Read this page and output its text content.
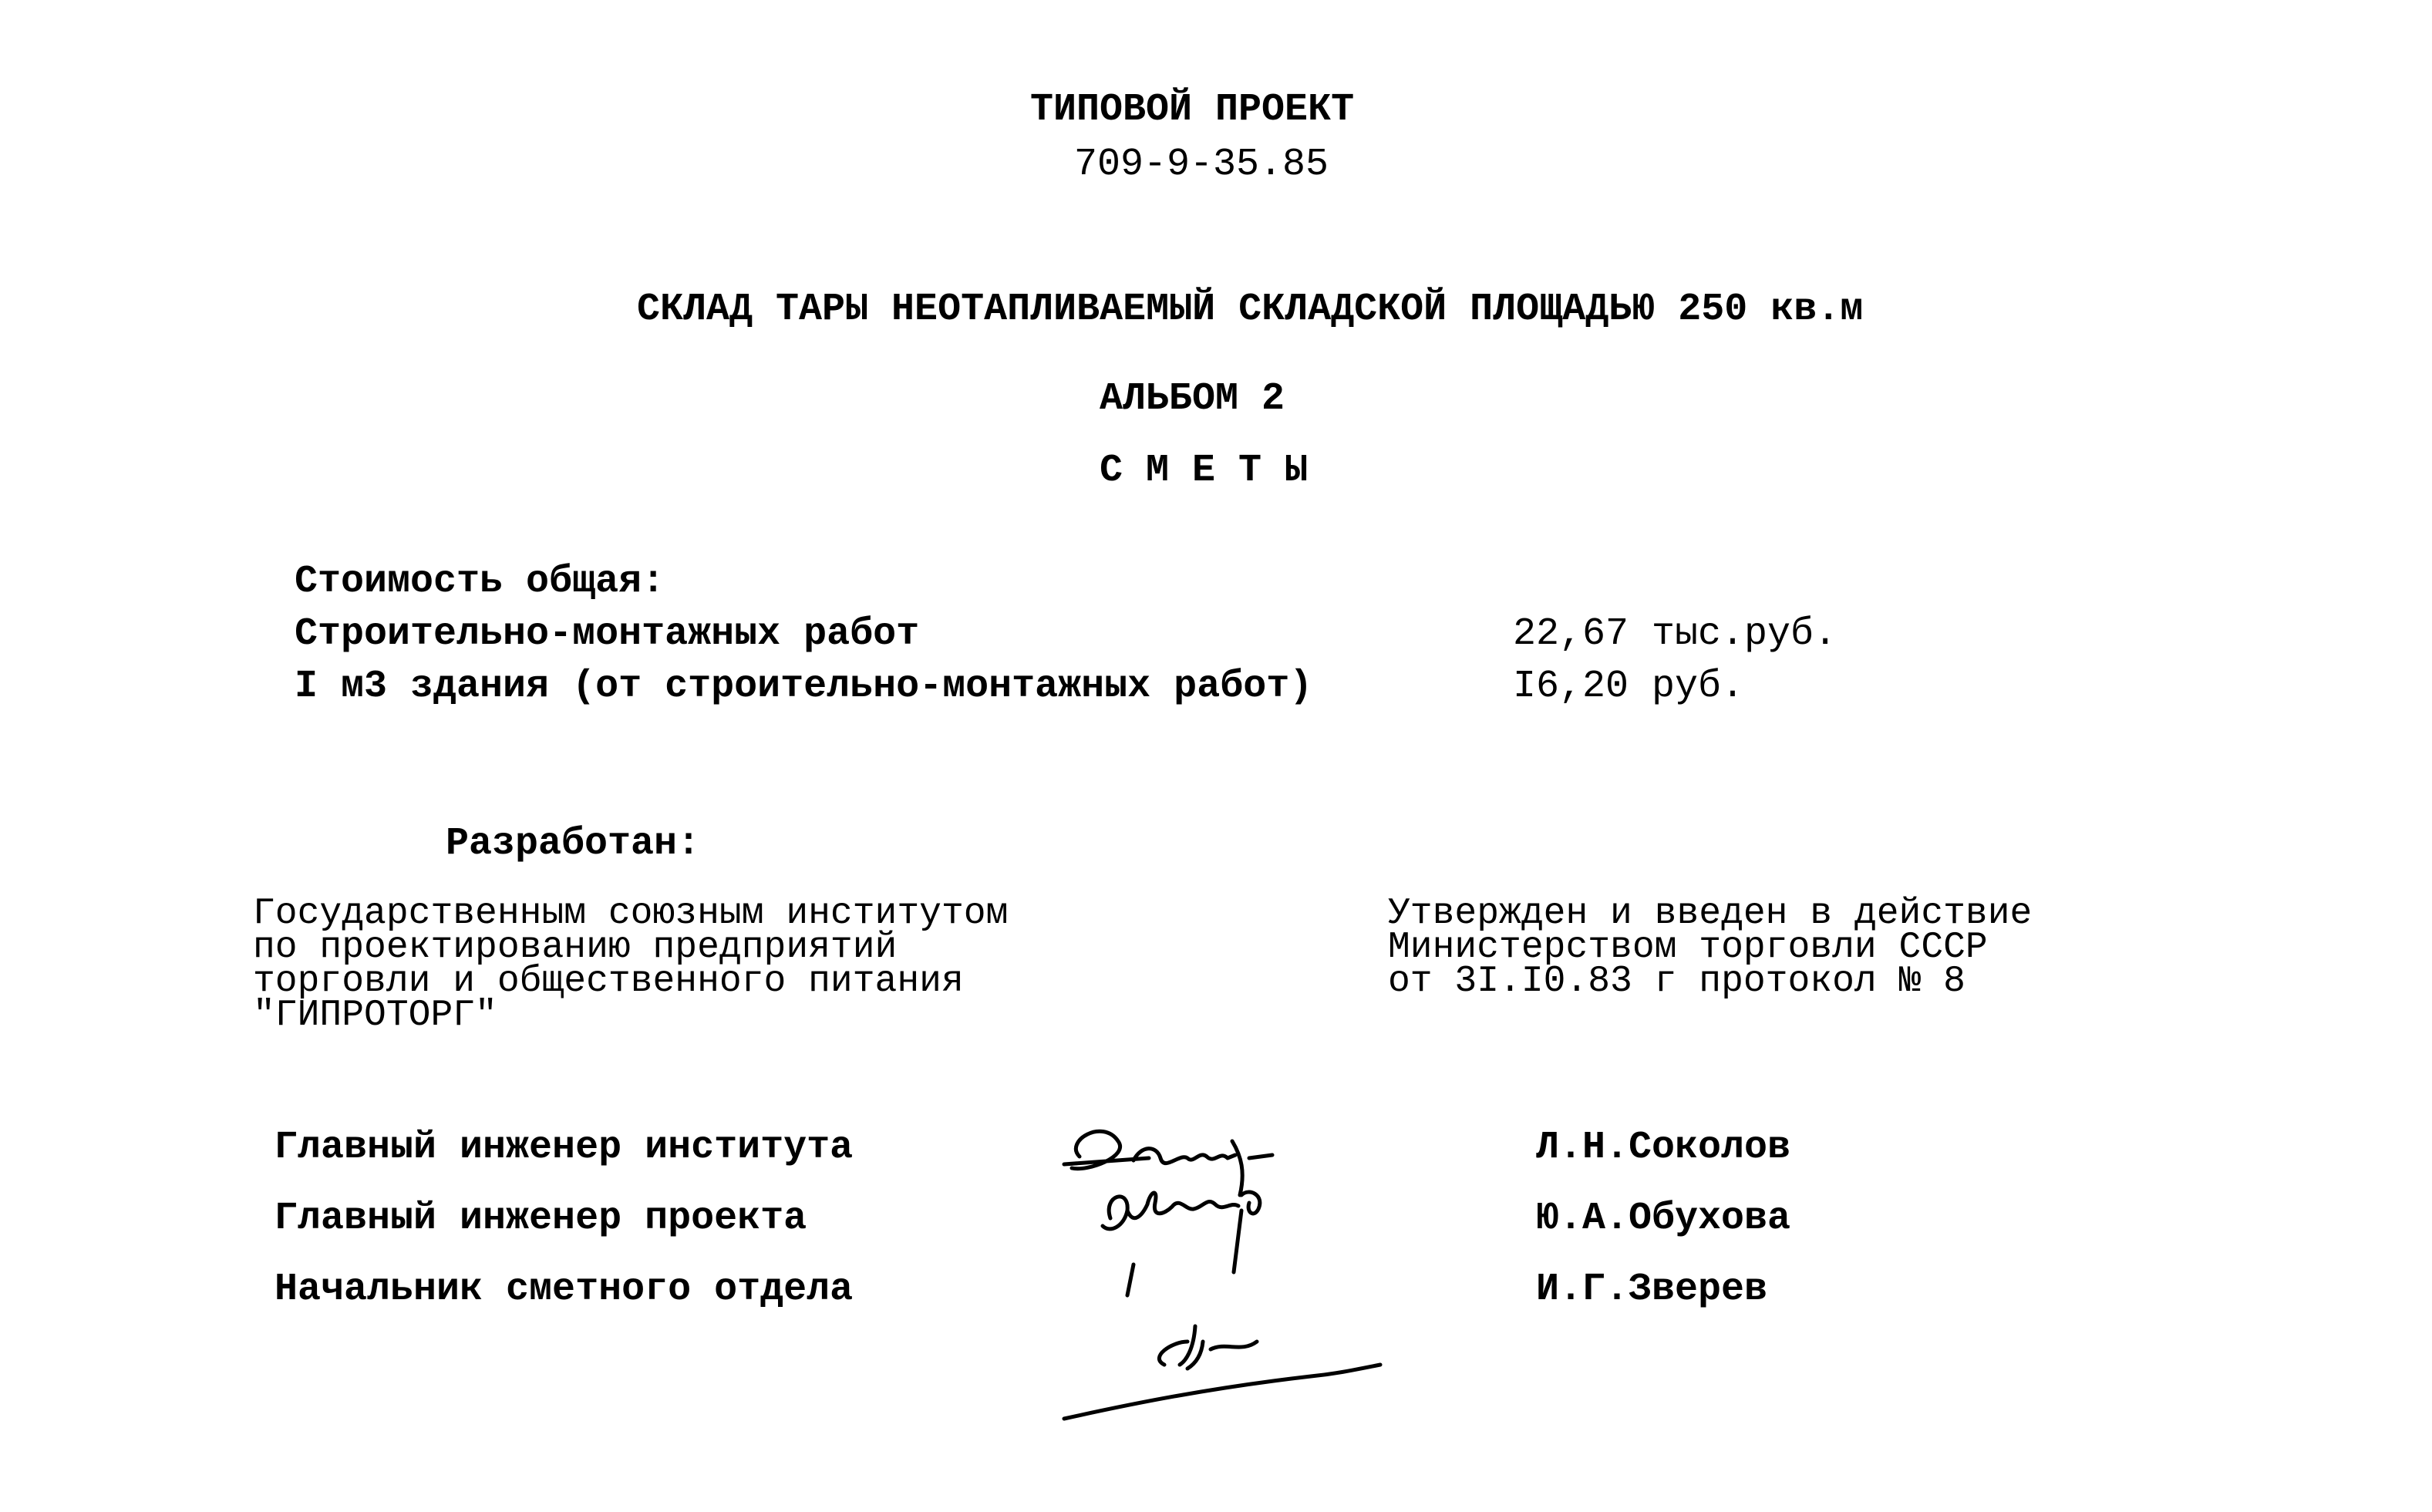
ТИПОВОЙ ПРОЕКТ
709-9-35.85
СКЛАД ТАРЫ НЕОТАПЛИВАЕМЫЙ СКЛАДСКОЙ ПЛОЩАДЬЮ 250 кв.м
АЛЬБОМ 2
С М Е Т Ы
Стоимость общая:
Строительно-монтажных работ	22,67 тыс.руб.
I м3 здания (от строительно-монтажных работ)	I6,20 руб.
Разработан:
Государственным союзным институтом
по проектированию предприятий
торговли и общественного питания
"ГИПРОТОРГ"
Утвержден и введен в действие
Министерством торговли СССР
от 3I.I0.83 г протокол № 8
Главный инженер института	Л.Н.Соколов
Главный инженер проекта	Ю.А.Обухова
Начальник сметного отдела	И.Г.Зверев
